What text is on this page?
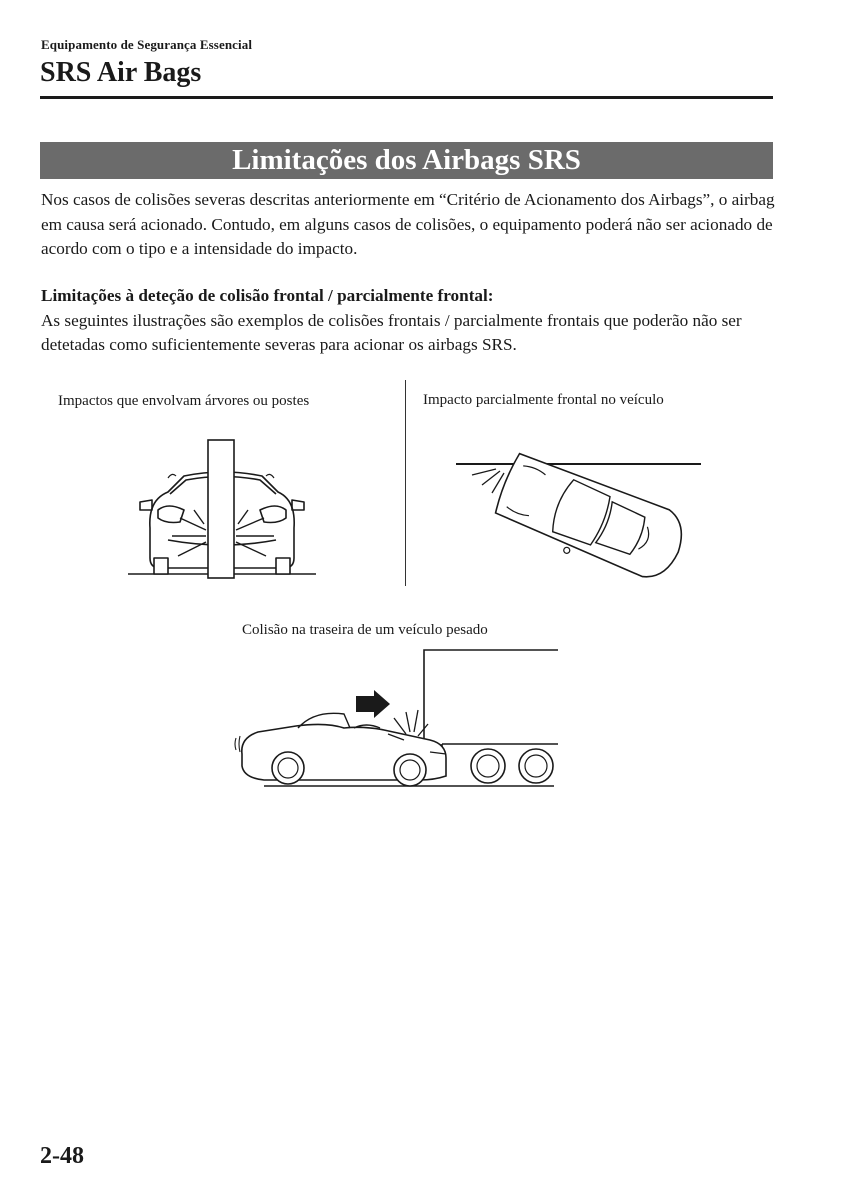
Equipamento de Segurança Essencial
SRS Air Bags
Limitações dos Airbags SRS
Nos casos de colisões severas descritas anteriormente em “Critério de Acionamento dos Airbags”, o airbag em causa será acionado. Contudo, em alguns casos de colisões, o equipamento poderá não ser acionado de acordo com o tipo e a intensidade do impacto.
Limitações à deteção de colisão frontal / parcialmente frontal:
As seguintes ilustrações são exemplos de colisões frontais / parcialmente frontais que poderão não ser detetadas como suficientemente severas para acionar os airbags SRS.
Impactos que envolvam árvores ou postes	Impacto parcialmente frontal no veículo
Colisão na traseira de um veículo pesado
2-48
